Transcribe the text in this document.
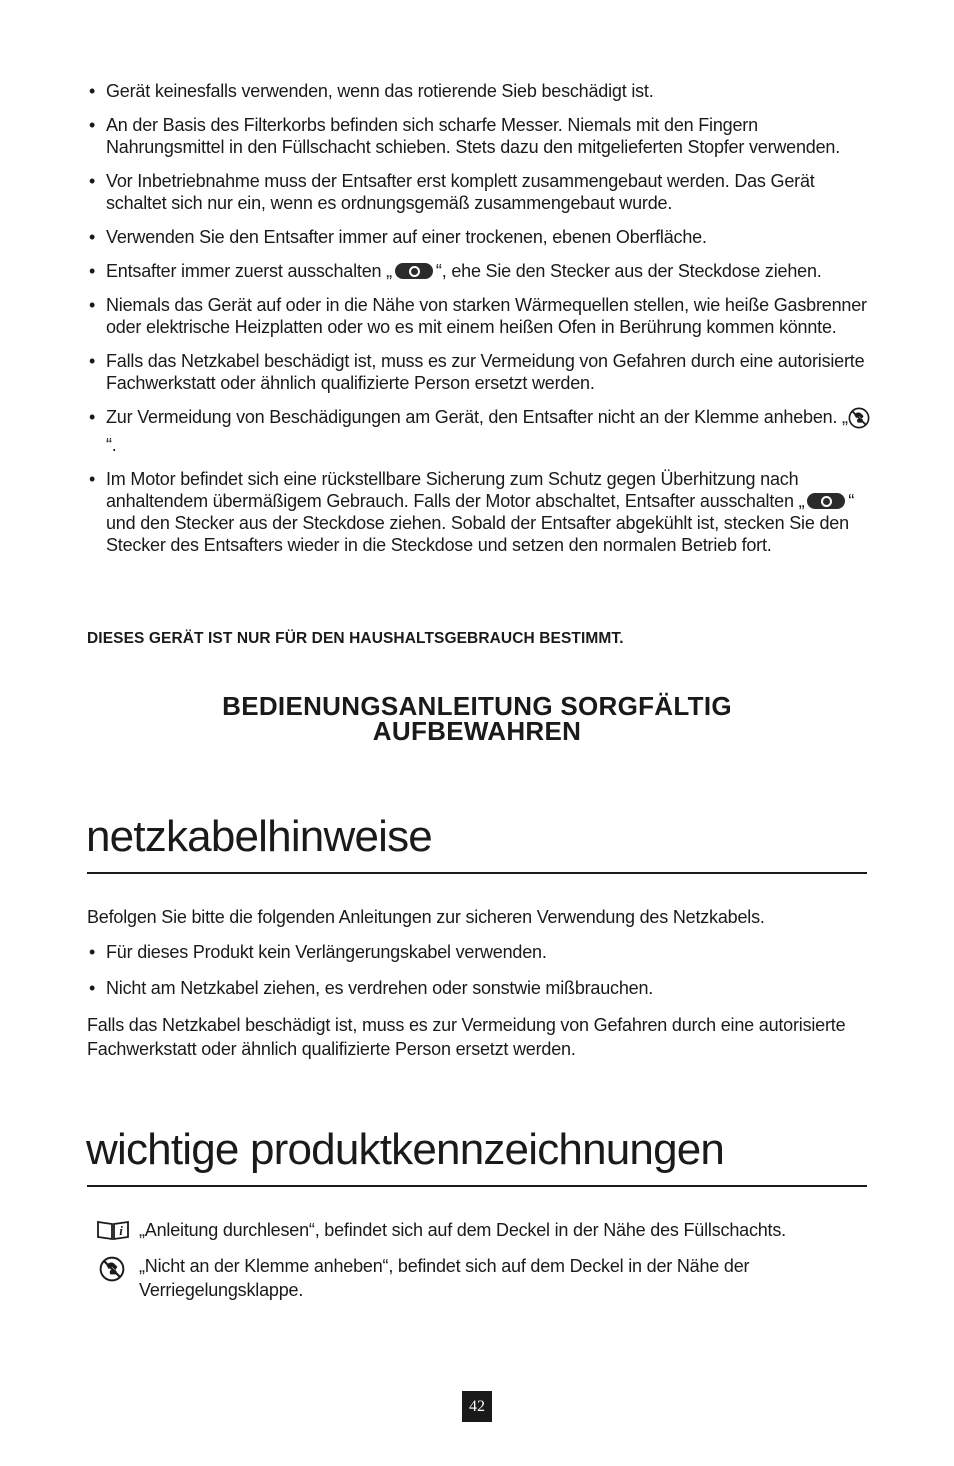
• Gerät keinesfalls verwenden, wenn das rotierende Sieb beschädigt ist.
• An der Basis des Filterkorbs befinden sich scharfe Messer. Niemals mit den Fingern Nahrungsmittel in den Füllschacht schieben. Stets dazu den mitgelieferten Stopfer verwenden.
• Vor Inbetriebnahme muss der Entsafter erst komplett zusammengebaut werden. Das Gerät schaltet sich nur ein, wenn es ordnungsgemäß zusammengebaut wurde.
• Verwenden Sie den Entsafter immer auf einer trockenen, ebenen Oberfläche.
• Entsafter immer zuerst ausschalten „ “, ehe Sie den Stecker aus der Steckdose ziehen.
• Niemals das Gerät auf oder in die Nähe von starken Wärmequellen stellen, wie heiße Gasbrenner oder elektrische Heizplatten oder wo es mit einem heißen Ofen in Berührung kommen könnte.
• Falls das Netzkabel beschädigt ist, muss es zur Vermeidung von Gefahren durch eine autorisierte Fachwerkstatt oder ähnlich qualifizierte Person ersetzt werden.
• Zur Vermeidung von Beschädigungen am Gerät, den Entsafter nicht an der Klemme anheben. „“.
• Im Motor befindet sich eine rückstellbare Sicherung zum Schutz gegen Überhitzung nach anhaltendem übermäßigem Gebrauch. Falls der Motor abschaltet, Entsafter ausschalten „ “ und den Stecker aus der Steckdose ziehen. Sobald der Entsafter abgekühlt ist, stecken Sie den Stecker des Entsafters wieder in die Steckdose und setzen den normalen Betrieb fort.
DIESES GERÄT IST NUR FÜR DEN HAUSHALTSGEBRAUCH BESTIMMT.
BEDIENUNGSANLEITUNG SORGFÄLTIG
AUFBEWAHREN
netzkabelhinweise

Befolgen Sie bitte die folgenden Anleitungen zur sicheren Verwendung des Netzkabels.

• Für dieses Produkt kein Verlängerungskabel verwenden.
• Nicht am Netzkabel ziehen, es verdrehen oder sonstwie mißbrauchen.

Falls das Netzkabel beschädigt ist, muss es zur Vermeidung von Gefahren durch eine autorisierte Fachwerkstatt oder ähnlich qualifizierte Person ersetzt werden.

wichtige produktkennzeichnungen
i „Anleitung durchlesen“, befindet sich auf dem Deckel in der Nähe des Füllschachts.
„Nicht an der Klemme anheben“, befindet sich auf dem Deckel in der Nähe der Verriegelungsklappe.
42
